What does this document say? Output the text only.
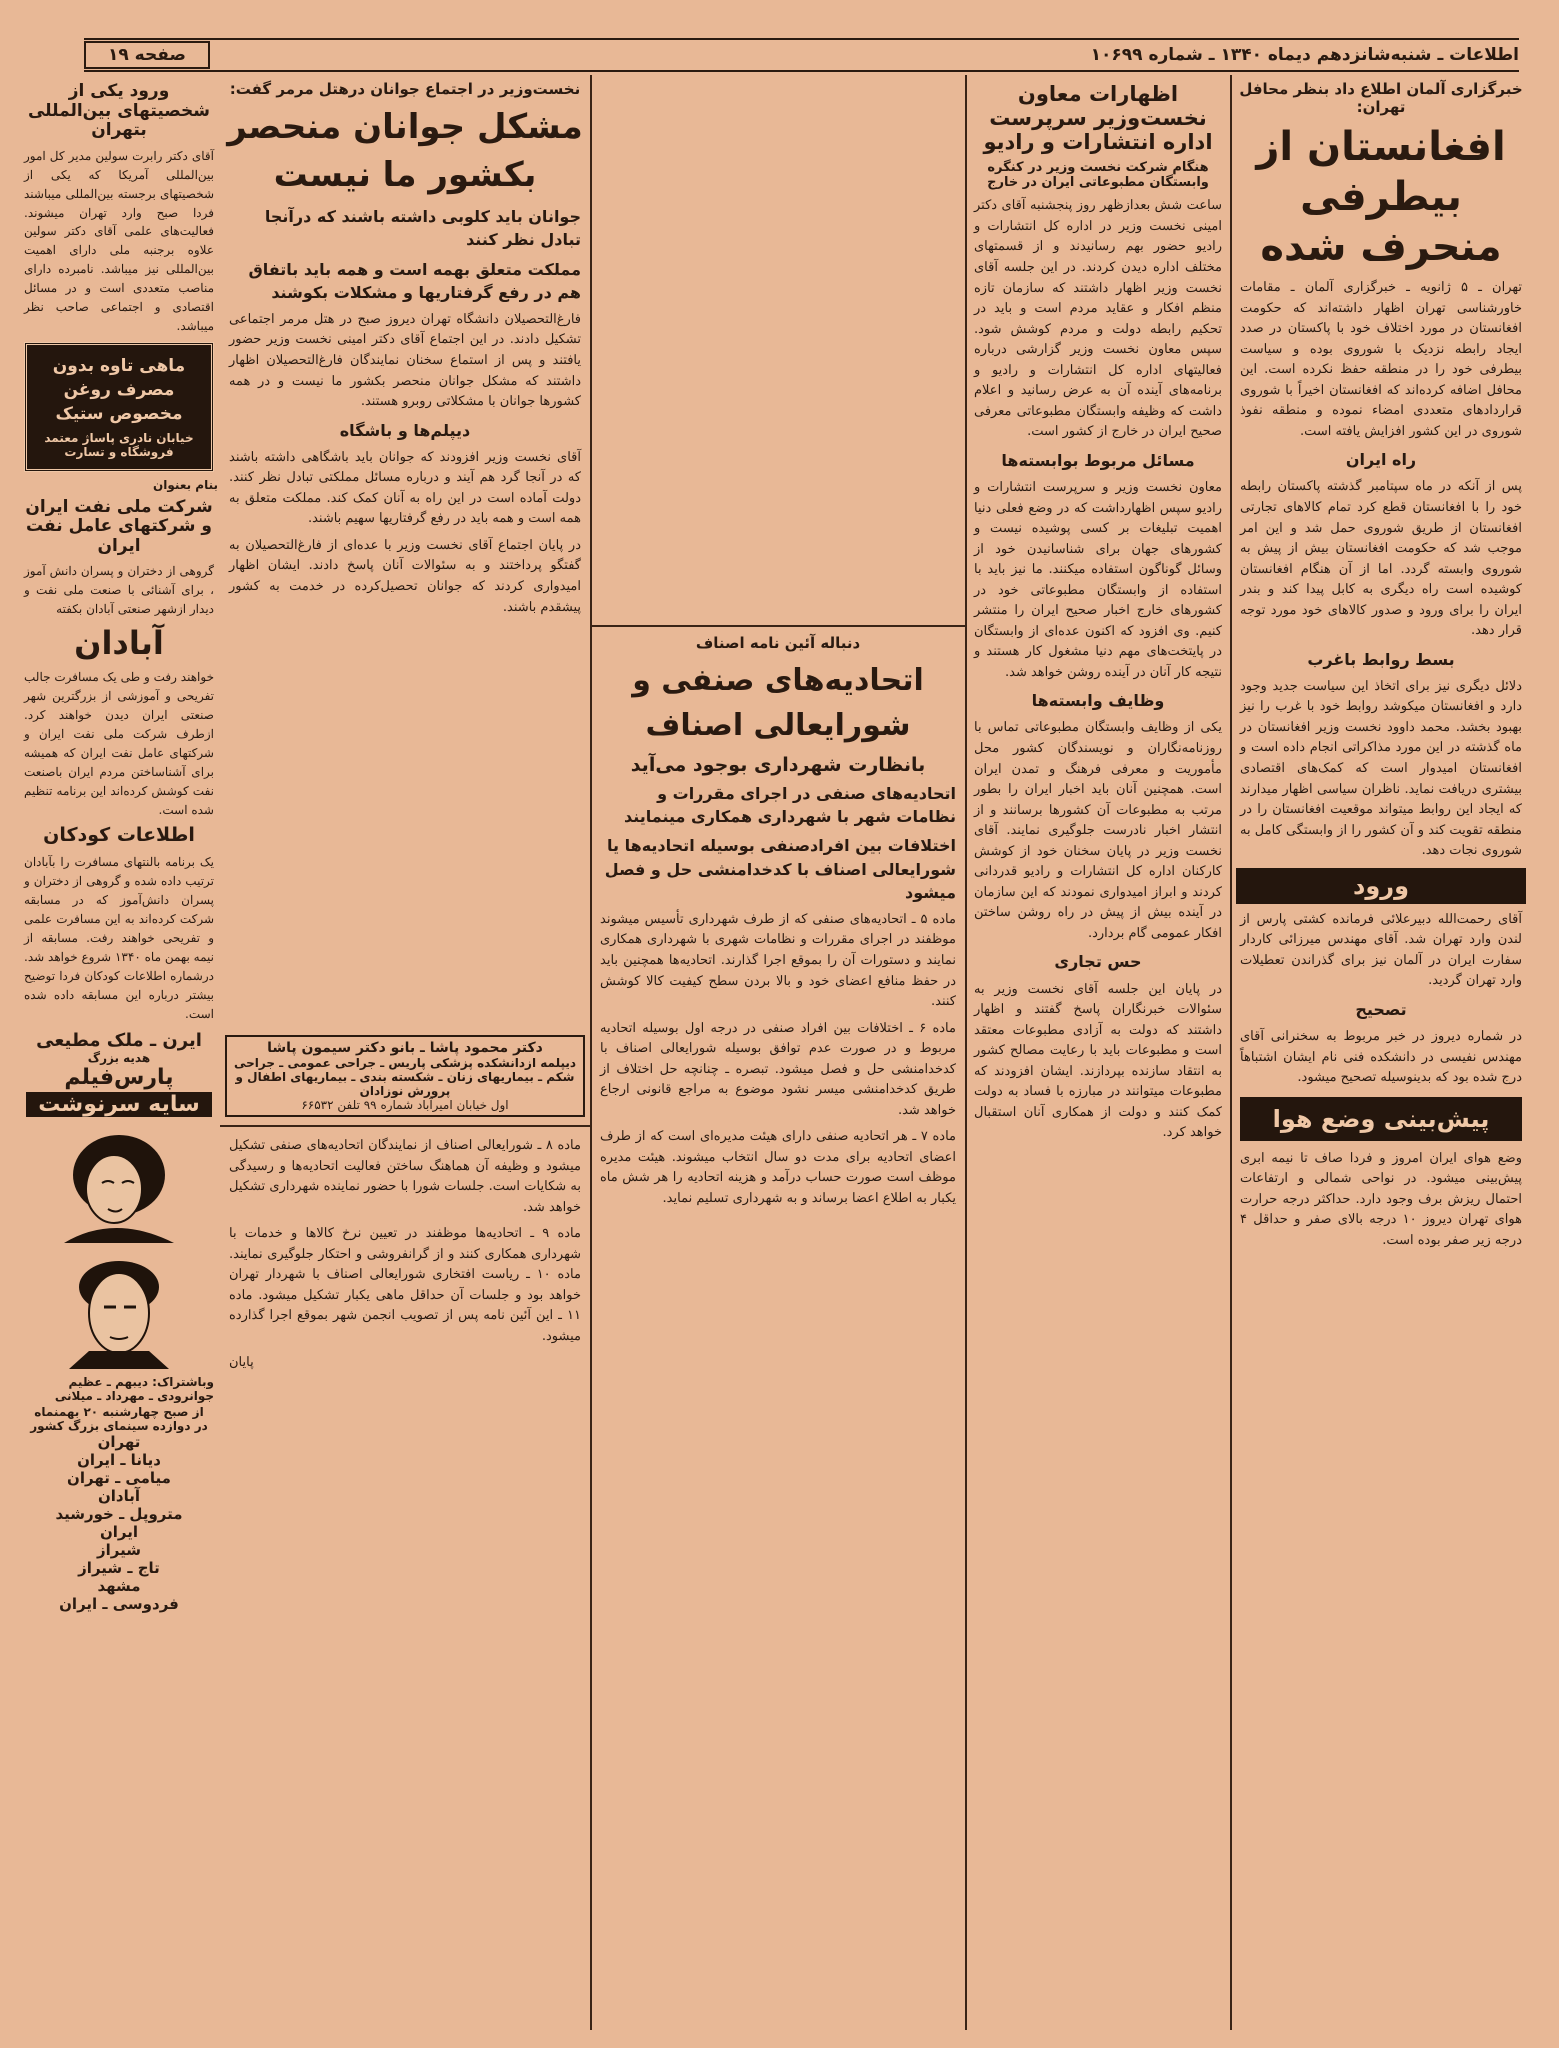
اطلاعات ـ شنبه‌شانزدهم دیماه ۱۳۴۰ ـ شماره ۱۰۶۹۹
صفحه ۱۹
خبرگزاری آلمان اطلاع داد بنظر محافل تهران:
افغانستان از بیطرفی منحرف شده
تهران ـ ۵ ژانویه ـ خبرگزاری آلمان ـ مقامات خاورشناسی تهران اظهار داشته‌اند که حکومت افغانستان در مورد اختلاف خود با پاکستان در صدد ایجاد رابطه نزدیک با شوروی بوده و سیاست بیطرفی خود را در منطقه حفظ نکرده است. این محافل اضافه کرده‌اند که افغانستان اخیراً با شوروی قراردادهای متعددی امضاء نموده و منطقه نفوذ شوروی در این کشور افزایش یافته است.
راه ایران
پس از آنکه در ماه سپتامبر گذشته پاکستان رابطه خود را با افغانستان قطع کرد تمام کالاهای تجارتی افغانستان از طریق شوروی حمل شد و این امر موجب شد که حکومت افغانستان بیش از پیش به شوروی وابسته گردد. اما از آن هنگام افغانستان کوشیده است راه دیگری به کابل پیدا کند و بندر ایران را برای ورود و صدور کالاهای خود مورد توجه قرار دهد.
بسط روابط باغرب
دلائل دیگری نیز برای اتخاذ این سیاست جدید وجود دارد و افغانستان میکوشد روابط خود با غرب را نیز بهبود بخشد. محمد داوود نخست وزیر افغانستان در ماه گذشته در این مورد مذاکراتی انجام داده است و افغانستان امیدوار است که کمک‌های اقتصادی بیشتری دریافت نماید. ناظران سیاسی اظهار میدارند که ایجاد این روابط میتواند موقعیت افغانستان را در منطقه تقویت کند و آن کشور را از وابستگی کامل به شوروی نجات دهد.
ورود
آقای رحمت‌الله دبیرعلائی فرمانده کشتی پارس از لندن وارد تهران شد. آقای مهندس میرزائی کاردار سفارت ایران در آلمان نیز برای گذراندن تعطیلات وارد تهران گردید.
تصحیح
در شماره دیروز در خبر مربوط به سخنرانی آقای مهندس نفیسی در دانشکده فنی نام ایشان اشتباهاً درج شده بود که بدینوسیله تصحیح میشود.
پیش‌بینی وضع هوا
وضع هوای ایران امروز و فردا صاف تا نیمه ابری پیش‌بینی میشود. در نواحی شمالی و ارتفاعات احتمال ریزش برف وجود دارد. حداکثر درجه حرارت هوای تهران دیروز ۱۰ درجه بالای صفر و حداقل ۴ درجه زیر صفر بوده است.
اظهارات معاون نخست‌وزیر سرپرست اداره انتشارات و رادیو
هنگام شرکت نخست وزیر در کنگره وابستگان مطبوعاتی ایران در خارج
ساعت شش بعدازظهر روز پنجشنبه آقای دکتر امینی نخست وزیر در اداره کل انتشارات و رادیو حضور بهم رسانیدند و از قسمتهای مختلف اداره دیدن کردند. در اين جلسه آقای نخست وزیر اظهار داشتند که سازمان تازه منظم افکار و عقاید مردم است و باید در تحکیم رابطه دولت و مردم کوشش شود. سپس معاون نخست وزیر گزارشی درباره فعالیتهای اداره کل انتشارات و رادیو و برنامه‌های آینده آن به عرض رسانید و اعلام داشت که وظیفه وابستگان مطبوعاتی معرفی صحیح ایران در خارج از کشور است.
مسائل مربوط بوابسته‌ها
معاون نخست وزیر و سرپرست انتشارات و رادیو سپس اظهارداشت که در وضع فعلی دنیا اهمیت تبلیغات بر کسی پوشیده نیست و کشورهای جهان برای شناسانیدن خود از وسائل گوناگون استفاده میکنند. ما نیز باید با استفاده از وابستگان مطبوعاتی خود در کشورهای خارج اخبار صحیح ایران را منتشر کنیم. وی افزود که اکنون عده‌ای از وابستگان در پایتخت‌های مهم دنیا مشغول کار هستند و نتیجه کار آنان در آینده روشن خواهد شد.
وظایف وابسته‌ها
یکی از وظایف وابستگان مطبوعاتی تماس با روزنامه‌نگاران و نویسندگان کشور محل مأموریت و معرفی فرهنگ و تمدن ایران است. همچنین آنان باید اخبار ایران را بطور مرتب به مطبوعات آن کشورها برسانند و از انتشار اخبار نادرست جلوگیری نمایند. آقای نخست وزیر در پایان سخنان خود از کوشش کارکنان اداره کل انتشارات و رادیو قدردانی کردند و ابراز امیدواری نمودند که این سازمان در آینده بیش از پیش در راه روشن ساختن افکار عمومی گام بردارد.
حس تجاری
در پایان این جلسه آقای نخست وزیر به سئوالات خبرنگاران پاسخ گفتند و اظهار داشتند که دولت به آزادی مطبوعات معتقد است و مطبوعات باید با رعایت مصالح کشور به انتقاد سازنده بپردازند. ایشان افزودند که مطبوعات میتوانند در مبارزه با فساد به دولت کمک کنند و دولت از همکاری آنان استقبال خواهد کرد.
نخست‌وزیر در اجتماع جوانان درهتل مرمر گفت:
مشکل جوانان منحصر بکشور ما نیست
جوانان باید کلوبی داشته باشند که درآنجا تبادل نظر کنند
مملکت متعلق بهمه است و همه باید باتفاق هم در رفع گرفتاریها و مشکلات بکوشند
فارغ‌التحصیلان دانشگاه تهران دیروز صبح در هتل مرمر اجتماعی تشکیل دادند. در این اجتماع آقای دکتر امینی نخست وزیر حضور یافتند و پس از استماع سخنان نمایندگان فارغ‌التحصیلان اظهار داشتند که مشکل جوانان منحصر بکشور ما نیست و در همه کشورها جوانان با مشکلاتی روبرو هستند.
دیپلم‌ها و باشگاه
آقای نخست وزیر افزودند که جوانان باید باشگاهی داشته باشند که در آنجا گرد هم آیند و درباره مسائل مملکتی تبادل نظر کنند. دولت آماده است در این راه به آنان کمک کند. مملکت متعلق به همه است و همه باید در رفع گرفتاریها سهیم باشند.
در پایان اجتماع آقای نخست وزیر با عده‌ای از فارغ‌التحصیلان به گفتگو پرداختند و به سئوالات آنان پاسخ دادند. ایشان اظهار امیدواری کردند که جوانان تحصیل‌کرده در خدمت به کشور پیشقدم باشند.
دکتر محمود پاشا ـ بانو دکتر سیمون پاشا
دیپلمه ازدانشکده پزشکی پاریس ـ جراحی عمومی ـ جراحی شکم ـ بیماریهای زنان ـ شکسته بندی ـ بیماریهای اطفال و پرورش نوزادان
اول خیابان امیرآباد شماره ۹۹ تلفن ۶۶۵۳۲
دنباله آئین نامه اصناف
اتحادیه‌های صنفی و شورایعالی اصناف
بانظارت شهرداری بوجود می‌آید
اتحادیه‌های صنفی در اجرای مقررات و نظامات شهر با شهرداری همکاری مینمایند
اختلافات بین افرادصنفی بوسیله اتحادیه‌ها یا شورایعالی اصناف با کدخدامنشی حل و فصل میشود
ماده ۵ ـ اتحادیه‌های صنفی که از طرف شهرداری تأسیس میشوند موظفند در اجرای مقررات و نظامات شهری با شهرداری همکاری نمایند و دستورات آن را بموقع اجرا گذارند. اتحادیه‌ها همچنین باید در حفظ منافع اعضای خود و بالا بردن سطح کیفیت کالا کوشش کنند.
ماده ۶ ـ اختلافات بین افراد صنفی در درجه اول بوسیله اتحادیه مربوط و در صورت عدم توافق بوسیله شورایعالی اصناف با کدخدامنشی حل و فصل میشود. تبصره ـ چنانچه حل اختلاف از طریق کدخدامنشی میسر نشود موضوع به مراجع قانونی ارجاع خواهد شد.
ماده ۷ ـ هر اتحادیه صنفی دارای هیئت مدیره‌ای است که از طرف اعضای اتحادیه برای مدت دو سال انتخاب میشوند. هیئت مدیره موظف است صورت حساب درآمد و هزینه اتحادیه را هر شش ماه یکبار به اطلاع اعضا برساند و به شهرداری تسلیم نماید.
ماده ۸ ـ شورایعالی اصناف از نمایندگان اتحادیه‌های صنفی تشکیل میشود و وظیفه آن هماهنگ ساختن فعالیت اتحادیه‌ها و رسیدگی به شکایات است. جلسات شورا با حضور نماینده شهرداری تشکیل خواهد شد.
ماده ۹ ـ اتحادیه‌ها موظفند در تعیین نرخ کالاها و خدمات با شهرداری همکاری کنند و از گرانفروشی و احتکار جلوگیری نمایند. ماده ۱۰ ـ ریاست افتخاری شورایعالی اصناف با شهردار تهران خواهد بود و جلسات آن حداقل ماهی یکبار تشکیل میشود. ماده ۱۱ ـ این آئین نامه پس از تصویب انجمن شهر بموقع اجرا گذارده میشود.
پایان
ورود یکی از شخصیتهای بین‌المللی بتهران
آقای دکتر رابرت سولین مدیر کل امور بین‌المللی آمریکا که یکی از شخصیتهای برجسته بین‌المللی میباشند فردا صبح وارد تهران میشوند. فعالیت‌های علمی آقای دکتر سولین علاوه برجنبه ملی دارای اهمیت بین‌المللی نیز میباشد. نامبرده دارای مناصب متعددی است و در مسائل اقتصادی و اجتماعی صاحب نظر میباشد.
ماهی تاوه بدون مصرف روغن مخصوص ستیک
خیابان نادری پاساژ معتمد فروشگاه و تسارت
بنام بعنوان
شرکت ملی نفت ایران و شرکتهای عامل نفت ایران
گروهی از دختران و پسران دانش آموز ، برای آشنائی با صنعت ملی نفت و دیدار ازشهر صنعتی آبادان بکفته
آبادان
خواهند رفت و طی یک مسافرت جالب تفریحی و آموزشی از بزرگترین شهر صنعتی ایران دیدن خواهند کرد. ازطرف شرکت ملی نفت ایران و شرکتهای عامل نفت ایران که همیشه برای آشناساختن مردم ایران باصنعت نفت کوشش کرده‌اند این برنامه تنظیم شده است.
اطلاعات کودکان
یک برنامه بالنتهای مسافرت را بآبادان ترتیب داده شده و گروهی از دختران و پسران دانش‌آموز که در مسابقه شرکت کرده‌اند به این مسافرت علمی و تفریحی خواهند رفت. مسابقه از نیمه بهمن ماه ۱۳۴۰ شروع خواهد شد. درشماره اطلاعات کودکان فردا توضیح بیشتر درباره این مسابقه داده شده است.
ایرن ـ ملک مطیعی
هدیه بزرگ
پارس‌فیلم
سایه سرنوشت
وباشتراک: دیبهم ـ عظیم جوانرودی ـ مهرداد ـ میلانی
از صبح چهارشنبه ۲۰ بهمنماه
در دوازده سینمای بزرگ کشور
تهران
دیانا ـ ایران
میامی ـ تهران
آبادان
متروپل ـ خورشید
ایران
شیراز
تاج ـ شیراز
مشهد
فردوسی ـ ایران
